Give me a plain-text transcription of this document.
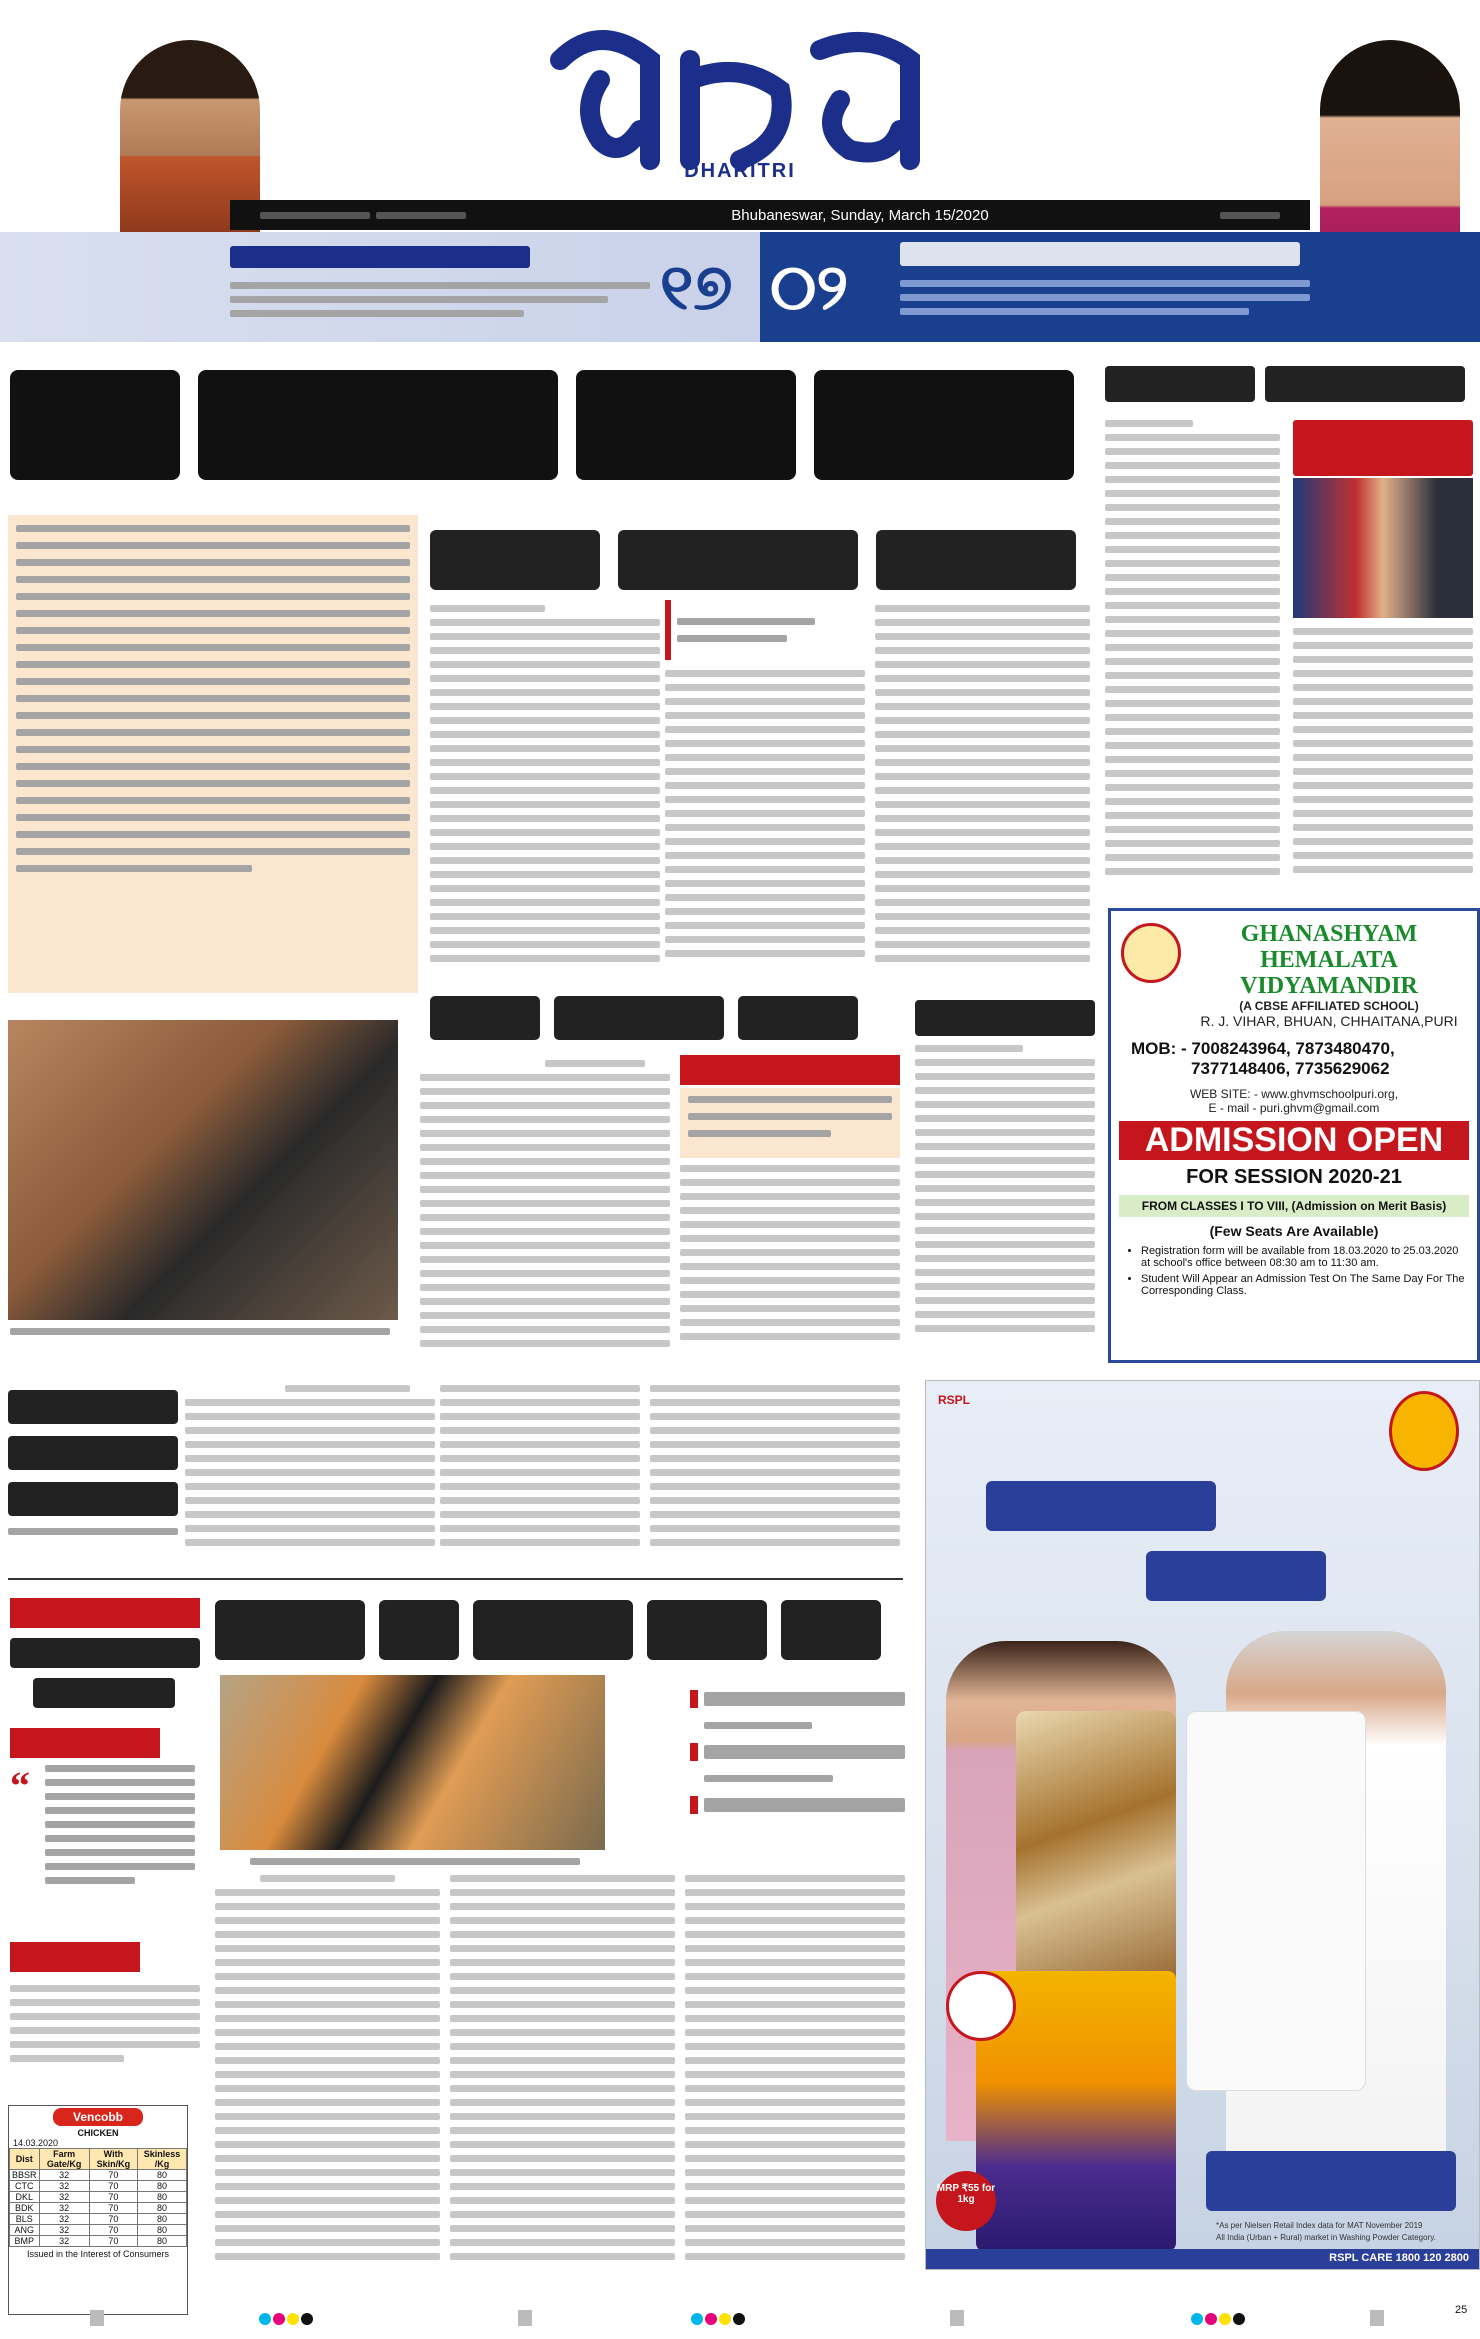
DHARITRI
Bhubaneswar, Sunday, March 15/2020
୧୭ ୦୨
GHANASHYAM HEMALATA VIDYAMANDIR
(A CBSE AFFILIATED SCHOOL)
R. J. VIHAR, BHUAN, CHHAITANA,PURI
MOB: - 7008243964, 7873480470,
7377148406, 7735629062
WEB SITE: - www.ghvmschoolpuri.org,
E - mail - puri.ghvm@gmail.com
ADMISSION OPEN
FOR SESSION 2020-21
FROM CLASSES I TO VIII, (Admission on Merit Basis)
(Few Seats Are Available)
• Registration form will be available from 18.03.2020 to 25.03.2020 at school's office between 08:30 am to 11:30 am.
• Student Will Appear an Admission Test On The Same Day For The Corresponding Class.
“
Vencobb
CHICKEN
14.03.2020
Dist	Farm Gate/Kg	With Skin/Kg	Skinless /Kg
BBSR	32	70	80
CTC	32	70	80
DKL	32	70	80
BDK	32	70	80
BLS	32	70	80
ANG	32	70	80
BMP	32	70	80
Issued in the Interest of Consumers
RSPL
MRP ₹55 for 1kg
*As per Nielsen Retail Index data for MAT November 2019
All India (Urban + Rural) market in Washing Powder Category.
RSPL CARE 1800 120 2800
25
